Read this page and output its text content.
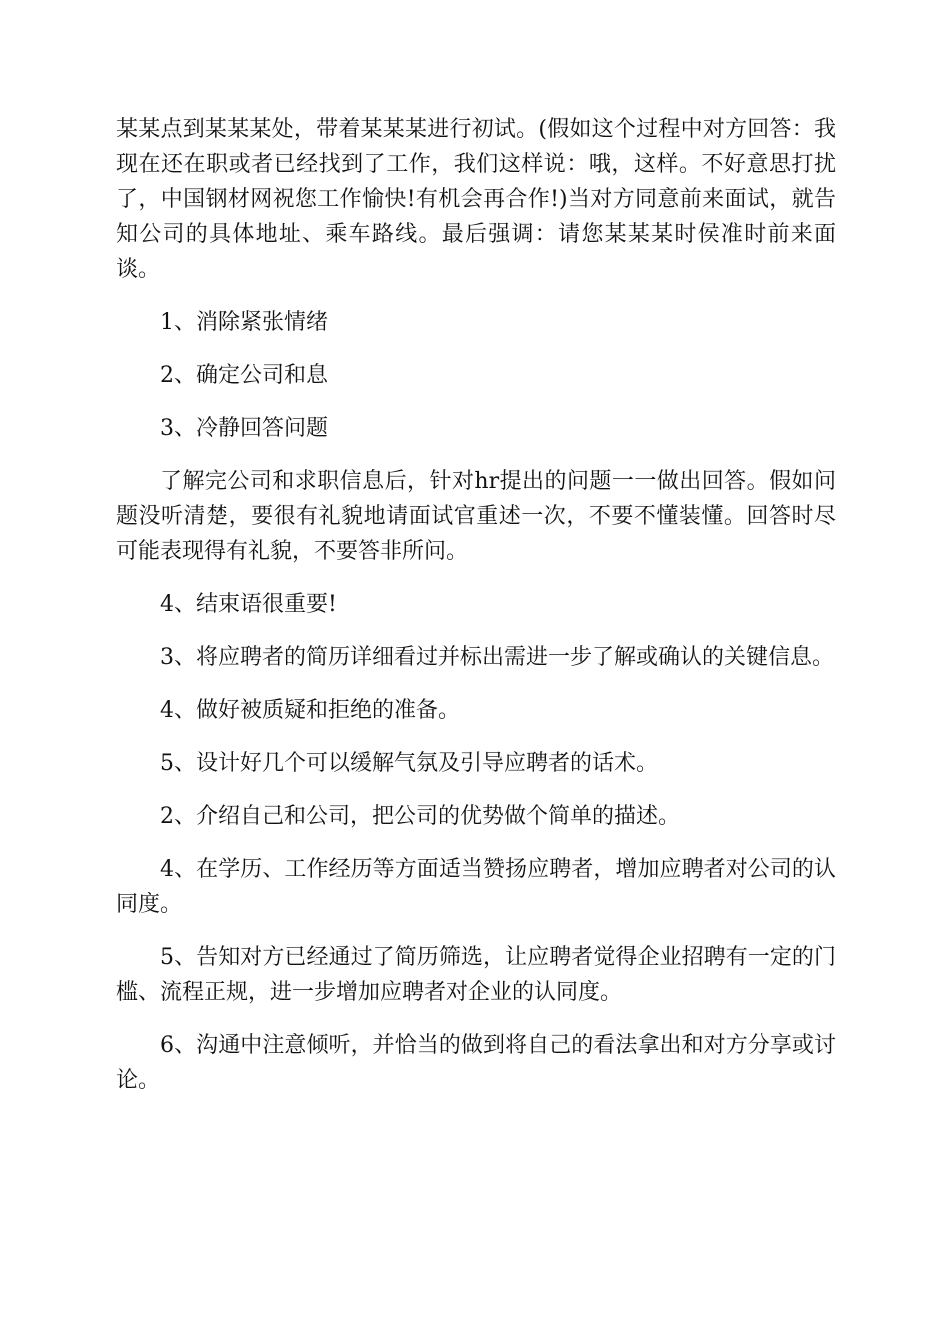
某某点到某某某处，带着某某某进行初试。(假如这个过程中对方回答：我现在还在职或者已经找到了工作，我们这样说：哦，这样。不好意思打扰了，中国钢材网祝您工作愉快!有机会再合作!)当对方同意前来面试，就告知公司的具体地址、乘车路线。最后强调：请您某某某时侯准时前来面谈。

1、消除紧张情绪

2、确定公司和息

3、冷静回答问题

了解完公司和求职信息后，针对hr提出的问题一一做出回答。假如问题没听清楚，要很有礼貌地请面试官重述一次，不要不懂装懂。回答时尽可能表现得有礼貌，不要答非所问。

4、结束语很重要!

3、将应聘者的简历详细看过并标出需进一步了解或确认的关键信息。

4、做好被质疑和拒绝的准备。

5、设计好几个可以缓解气氛及引导应聘者的话术。

2、介绍自己和公司，把公司的优势做个简单的描述。

4、在学历、工作经历等方面适当赞扬应聘者，增加应聘者对公司的认同度。

5、告知对方已经通过了简历筛选，让应聘者觉得企业招聘有一定的门槛、流程正规，进一步增加应聘者对企业的认同度。

6、沟通中注意倾听，并恰当的做到将自己的看法拿出和对方分享或讨论。
